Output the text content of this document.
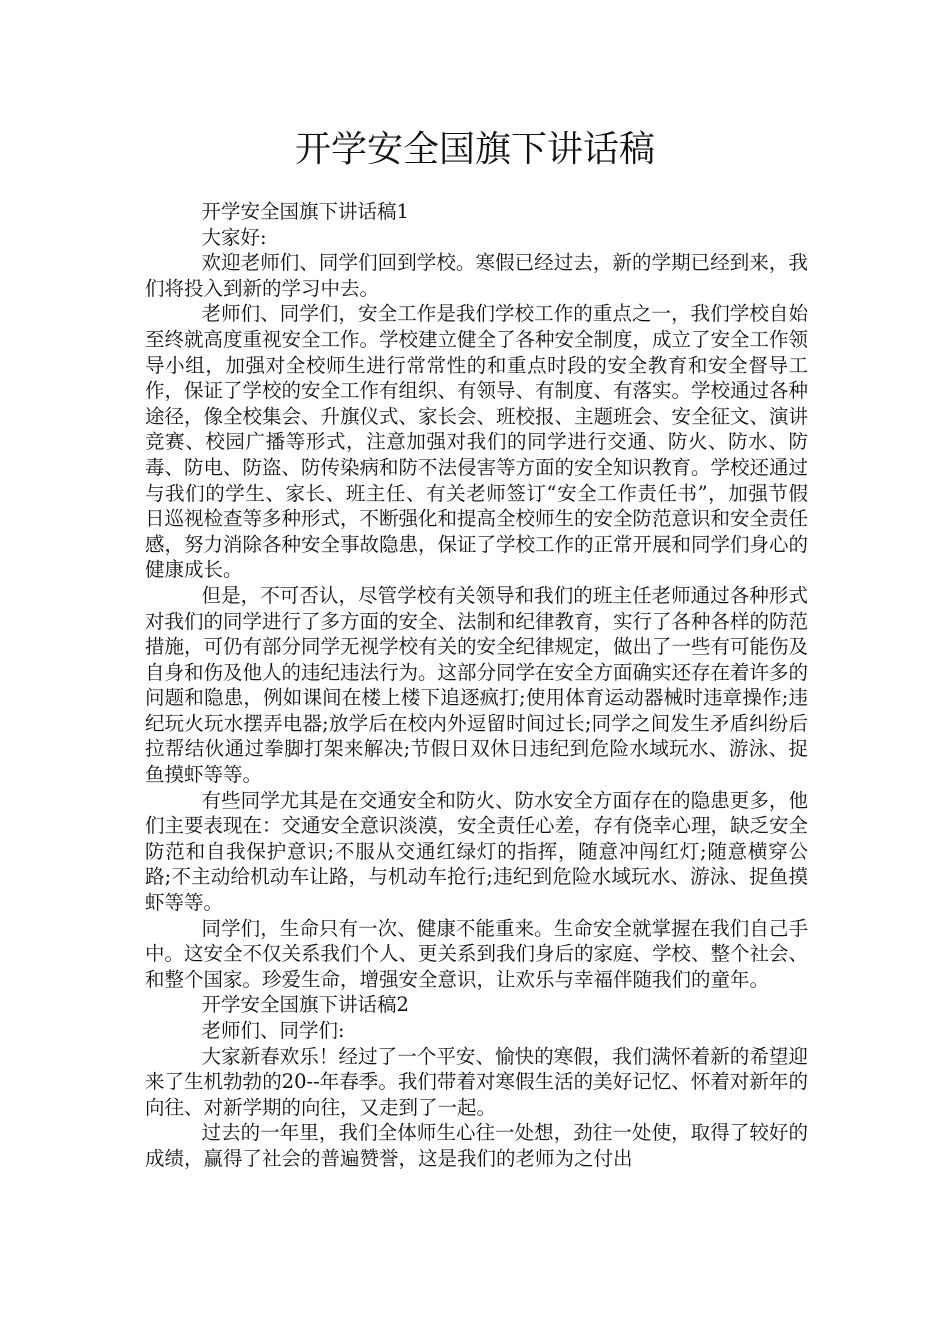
开学安全国旗下讲话稿

开学安全国旗下讲话稿1

大家好:

欢迎老师们、同学们回到学校。寒假已经过去，新的学期已经到来，我们将投入到新的学习中去。

老师们、同学们，安全工作是我们学校工作的重点之一，我们学校自始至终就高度重视安全工作。学校建立健全了各种安全制度，成立了安全工作领导小组，加强对全校师生进行常常性的和重点时段的安全教育和安全督导工作，保证了学校的安全工作有组织、有领导、有制度、有落实。学校通过各种途径，像全校集会、升旗仪式、家长会、班校报、主题班会、安全征文、演讲竞赛、校园广播等形式，注意加强对我们的同学进行交通、防火、防水、防毒、防电、防盗、防传染病和防不法侵害等方面的安全知识教育。学校还通过与我们的学生、家长、班主任、有关老师签订“安全工作责任书”，加强节假日巡视检查等多种形式，不断强化和提高全校师生的安全防范意识和安全责任感，努力消除各种安全事故隐患，保证了学校工作的正常开展和同学们身心的健康成长。

但是，不可否认，尽管学校有关领导和我们的班主任老师通过各种形式对我们的同学进行了多方面的安全、法制和纪律教育，实行了各种各样的防范措施，可仍有部分同学无视学校有关的安全纪律规定，做出了一些有可能伤及自身和伤及他人的违纪违法行为。这部分同学在安全方面确实还存在着许多的问题和隐患，例如课间在楼上楼下追逐疯打;使用体育运动器械时违章操作;违纪玩火玩水摆弄电器;放学后在校内外逗留时间过长;同学之间发生矛盾纠纷后拉帮结伙通过拳脚打架来解决;节假日双休日违纪到危险水域玩水、游泳、捉鱼摸虾等等。

有些同学尤其是在交通安全和防火、防水安全方面存在的隐患更多，他们主要表现在：交通安全意识淡漠，安全责任心差，存有侥幸心理，缺乏安全防范和自我保护意识;不服从交通红绿灯的指挥，随意冲闯红灯;随意横穿公路;不主动给机动车让路，与机动车抢行;违纪到危险水域玩水、游泳、捉鱼摸虾等等。

同学们，生命只有一次、健康不能重来。生命安全就掌握在我们自己手中。这安全不仅关系我们个人、更关系到我们身后的家庭、学校、整个社会、和整个国家。珍爱生命，增强安全意识，让欢乐与幸福伴随我们的童年。

开学安全国旗下讲话稿2

老师们、同学们:

大家新春欢乐！经过了一个平安、愉快的寒假，我们满怀着新的希望迎来了生机勃勃的20--年春季。我们带着对寒假生活的美好记忆、怀着对新年的向往、对新学期的向往，又走到了一起。

过去的一年里，我们全体师生心往一处想，劲往一处使，取得了较好的成绩，赢得了社会的普遍赞誉，这是我们的老师为之付出
